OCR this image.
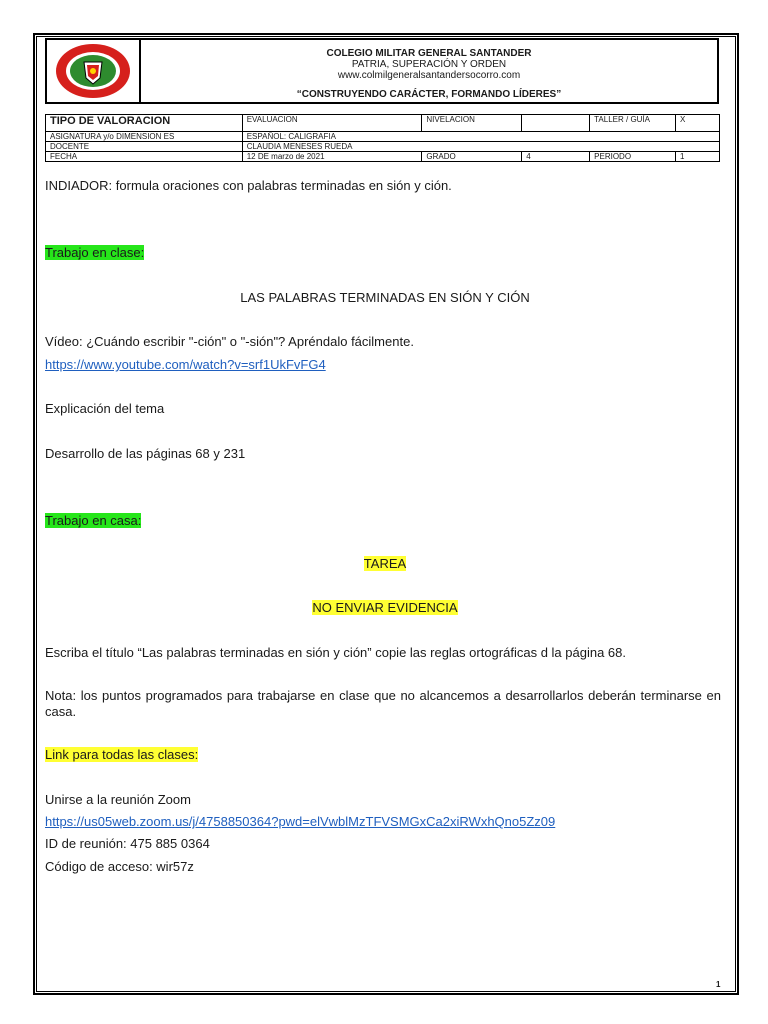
COLEGIO MILITAR GENERAL SANTANDER
PATRIA, SUPERACIÓN Y ORDEN
www.colmilgeneralsantandersocorro.com
“CONSTRUYENDO CARÁCTER, FORMANDO LÍDERES”
TIPO DE VALORACION	EVALUACION	NIVELACION		TALLER / GUÍA	X
ASIGNATURA y/o DIMENSION ES	ESPAÑOL: CALIGRAFIA				
DOCENTE	CLAUDIA MENESES RUEDA				
FECHA	12 DE marzo de 2021	GRADO	4	PERIODO	1
INDIADOR: formula oraciones con palabras terminadas en sión y ción.
Trabajo en clase:
LAS PALABRAS TERMINADAS EN SIÓN Y CIÓN
Vídeo: ¿Cuándo escribir "-ción" o "-sión"? Apréndalo fácilmente.
https://www.youtube.com/watch?v=srf1UkFvFG4
Explicación del tema
Desarrollo de las páginas 68 y 231
Trabajo en casa:
TAREA
NO ENVIAR EVIDENCIA
Escriba el título “Las palabras terminadas en sión y ción” copie las reglas ortográficas d la página 68.
Nota: los puntos programados para trabajarse en clase que no alcancemos a desarrollarlos deberán terminarse en casa.
Link para todas las clases:
Unirse a la reunión Zoom
https://us05web.zoom.us/j/4758850364?pwd=elVwblMzTFVSMGxCa2xiRWxhQno5Zz09
ID de reunión: 475 885 0364
Código de acceso: wir57z
1
